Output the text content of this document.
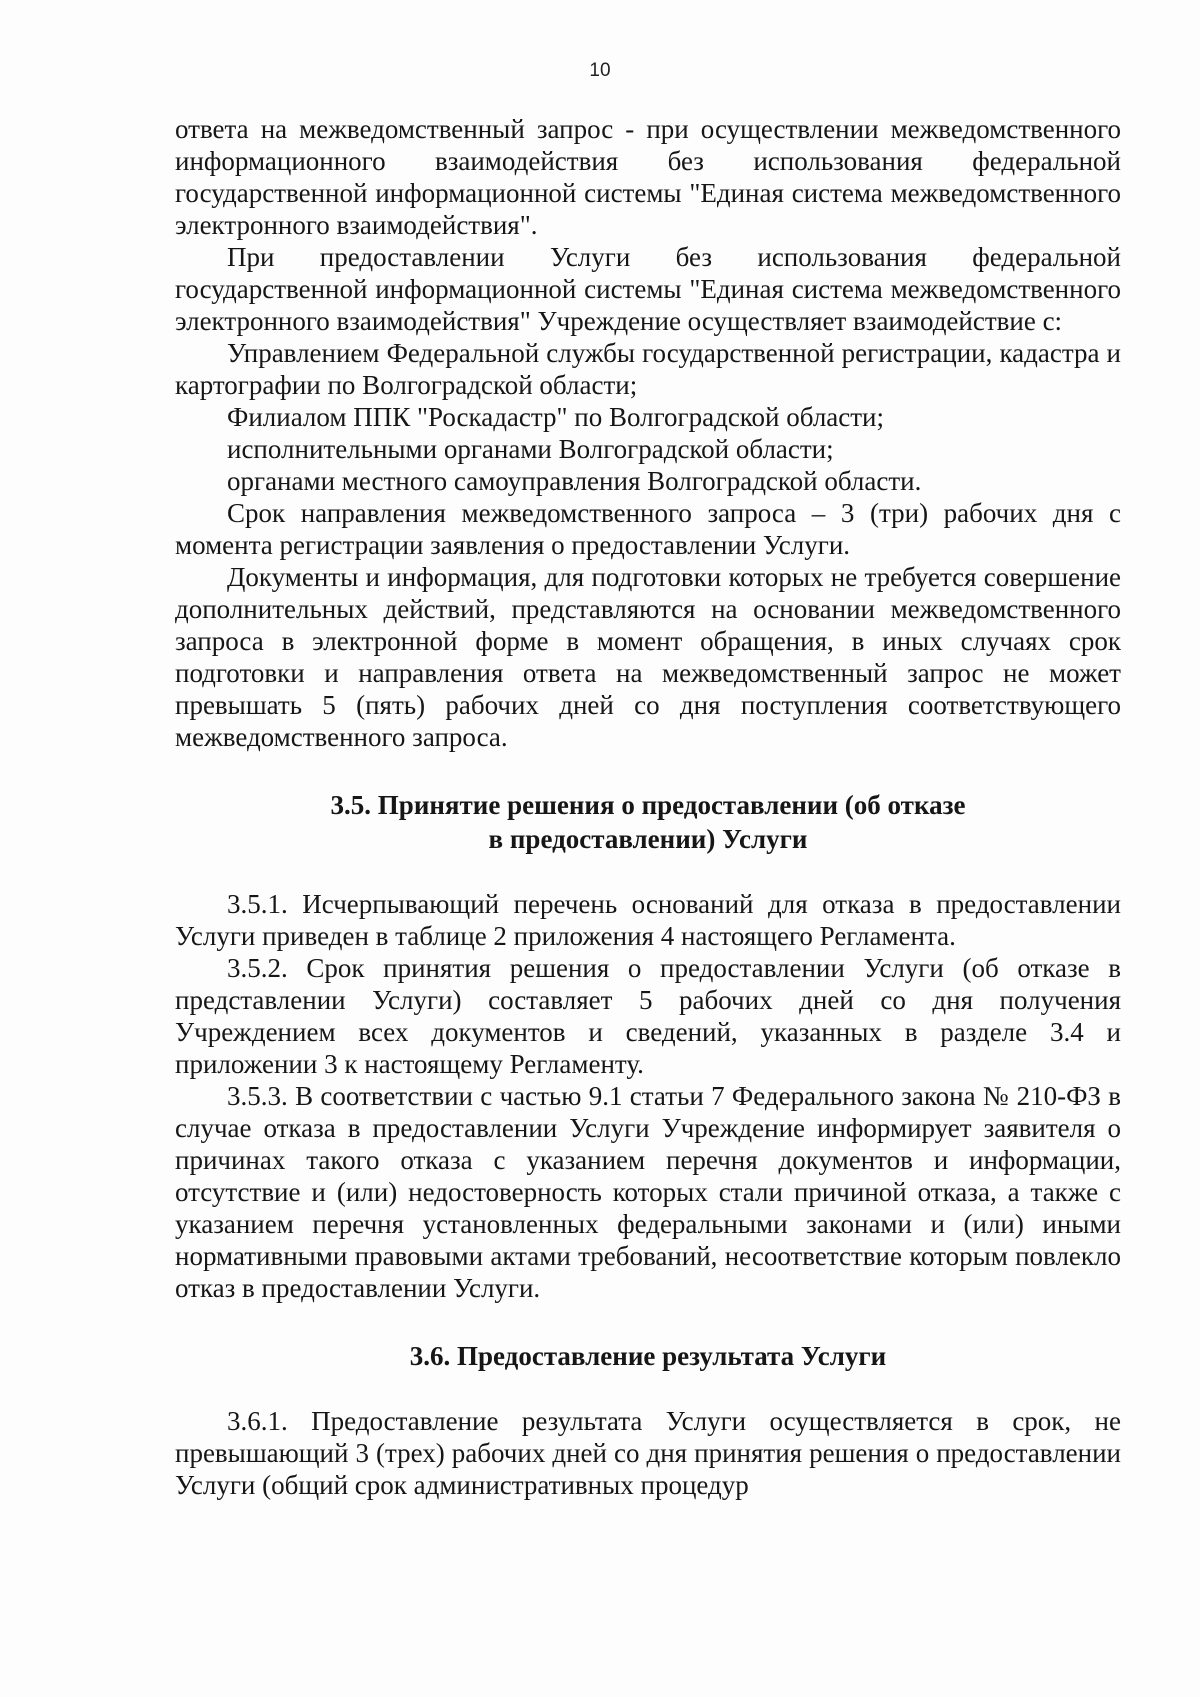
10

ответа на межведомственный запрос - при осуществлении межведомственного информационного взаимодействия без использования федеральной государственной информационной системы "Единая система межведомственного электронного взаимодействия".

При предоставлении Услуги без использования федеральной государственной информационной системы "Единая система межведомственного электронного взаимодействия" Учреждение осуществляет взаимодействие с:

Управлением Федеральной службы государственной регистрации, кадастра и картографии по Волгоградской области;

Филиалом ППК "Роскадастр" по Волгоградской области;

исполнительными органами Волгоградской области;

органами местного самоуправления Волгоградской области.

Срок направления межведомственного запроса – 3 (три) рабочих дня с момента регистрации заявления о предоставлении Услуги.

Документы и информация, для подготовки которых не требуется совершение дополнительных действий, представляются на основании межведомственного запроса в электронной форме в момент обращения, в иных случаях срок подготовки и направления ответа на межведомственный запрос не может превышать 5 (пять) рабочих дней со дня поступления соответствующего межведомственного запроса.

3.5. Принятие решения о предоставлении (об отказе

в предоставлении) Услуги

3.5.1. Исчерпывающий перечень оснований для отказа в предоставлении Услуги приведен в таблице 2 приложения 4 настоящего Регламента.

3.5.2. Срок принятия решения о предоставлении Услуги (об отказе в представлении Услуги) составляет 5 рабочих дней со дня получения Учреждением всех документов и сведений, указанных в разделе 3.4 и приложении 3 к настоящему Регламенту.

3.5.3. В соответствии с частью 9.1 статьи 7 Федерального закона № 210-ФЗ в случае отказа в предоставлении Услуги Учреждение информирует заявителя о причинах такого отказа с указанием перечня документов и информации, отсутствие и (или) недостоверность которых стали причиной отказа, а также с указанием перечня установленных федеральными законами и (или) иными нормативными правовыми актами требований, несоответствие которым повлекло отказ в предоставлении Услуги.

3.6. Предоставление результата Услуги

3.6.1. Предоставление результата Услуги осуществляется в срок, не превышающий 3 (трех) рабочих дней со дня принятия решения о предоставлении Услуги (общий срок административных процедур
